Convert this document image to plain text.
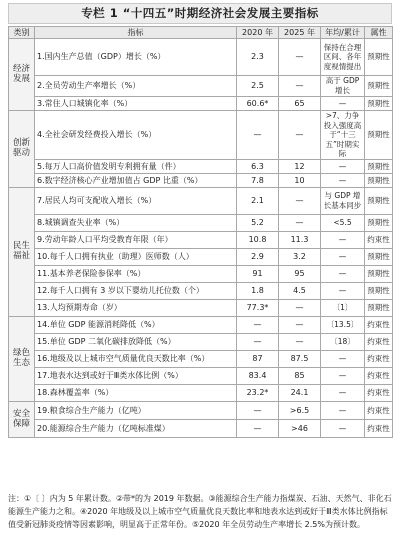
专栏 1 “十四五”时期经济社会发展主要指标
类别	指标	2020 年	2025 年	年均/累计	属性
经济发展	1.国内生产总值（GDP）增长（%）	2.3	—	保持在合理区间、各年度视情提出	预期性
	2.全员劳动生产率增长（%）	2.5	—	高于 GDP 增长	预期性
	3.常住人口城镇化率（%）	60.6*	65	—	预期性
创新驱动	4.全社会研发经费投入增长（%）	—	—	>7、力争投入强度高于“十三五”时期实际	预期性
	5.每万人口高价值发明专利拥有量（件）	6.3	12	—	预期性
	6.数字经济核心产业增加值占 GDP 比重（%）	7.8	10	—	预期性
民生福祉	7.居民人均可支配收入增长（%）	2.1	—	与 GDP 增长基本同步	预期性
	8.城镇调查失业率（%）	5.2	—	<5.5	预期性
	9.劳动年龄人口平均受教育年限（年）	10.8	11.3	—	约束性
	10.每千人口拥有执业（助理）医师数（人）	2.9	3.2	—	预期性
	11.基本养老保险参保率（%）	91	95	—	预期性
	12.每千人口拥有 3 岁以下婴幼儿托位数（个）	1.8	4.5	—	预期性
	13.人均预期寿命（岁）	77.3*	—	〔1〕	预期性
绿色生态	14.单位 GDP 能源消耗降低（%）	—	—	〔13.5〕	约束性
	15.单位 GDP 二氧化碳排放降低（%）	—	—	〔18〕	约束性
	16.地级及以上城市空气质量优良天数比率（%）	87	87.5	—	约束性
	17.地表水达到或好于Ⅲ类水体比例（%）	83.4	85	—	约束性
	18.森林覆盖率（%）	23.2*	24.1	—	约束性
安全保障	19.粮食综合生产能力（亿吨）	—	>6.5	—	约束性
	20.能源综合生产能力（亿吨标准煤）	—	>46	—	约束性
注：①〔 〕内为 5 年累计数。②带*的为 2019 年数据。③能源综合生产能力指煤炭、石油、天然气、非化石能源生产能力之和。④2020 年地级及以上城市空气质量优良天数比率和地表水达到或好于Ⅲ类水体比例指标值受新冠肺炎疫情等因素影响，明显高于正常年份。⑤2020 年全员劳动生产率增长 2.5%为预计数。
